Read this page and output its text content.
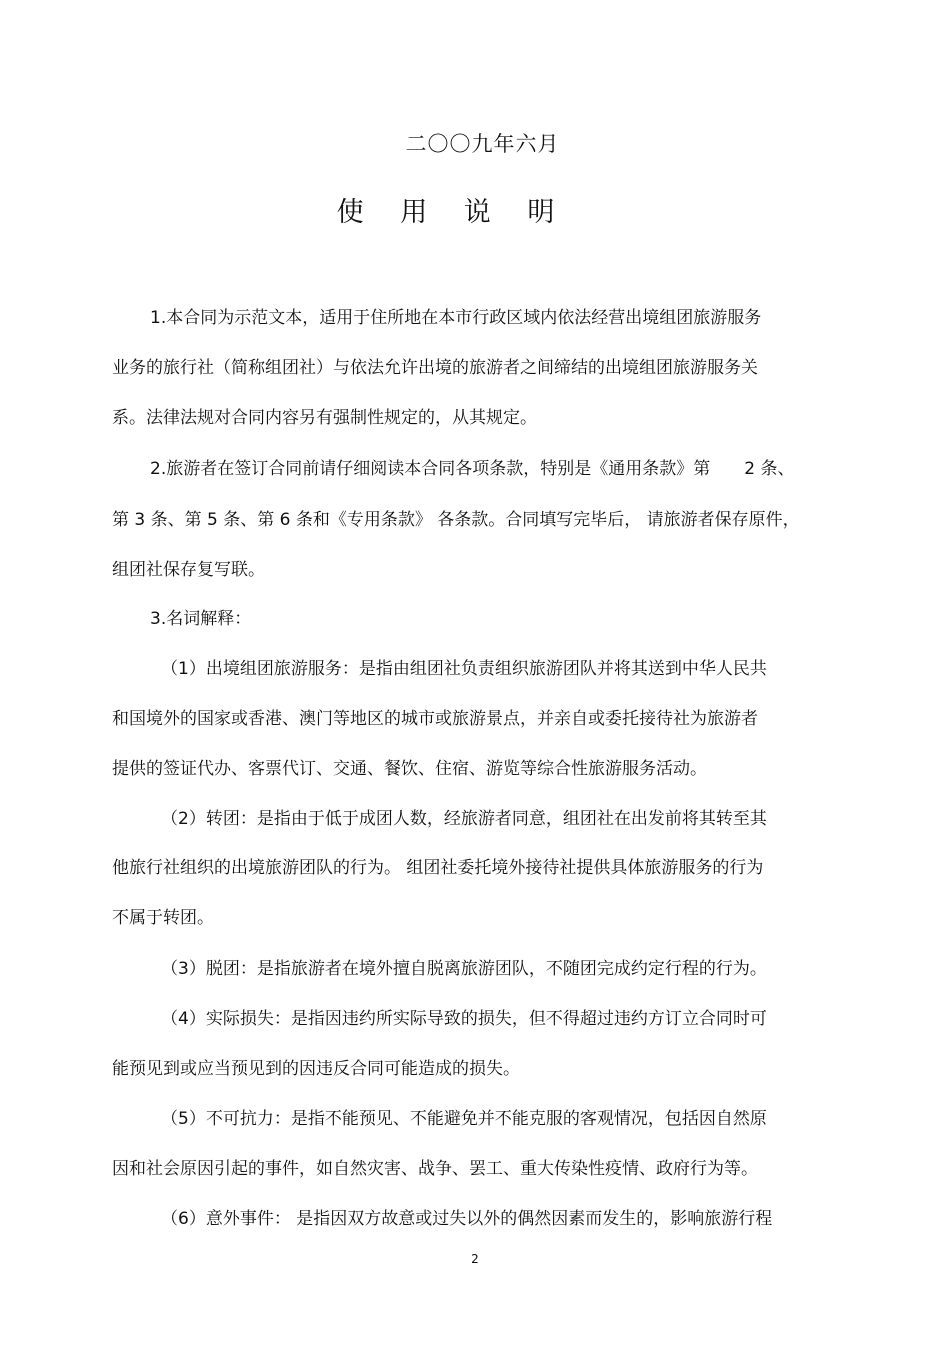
二〇〇九年六月
使 用 说 明
1.本合同为示范文本，适用于住所地在本市行政区域内依法经营出境组团旅游服务
业务的旅行社（简称组团社）与依法允许出境的旅游者之间缔结的出境组团旅游服务关
系。法律法规对合同内容另有强制性规定的，从其规定。
2.旅游者在签订合同前请仔细阅读本合同各项条款，特别是《通用条款》第　　2 条、
第 3 条、第 5 条、第 6 条和《专用条款》 各条款。合同填写完毕后， 请旅游者保存原件，
组团社保存复写联。
3.名词解释：
（1）出境组团旅游服务：是指由组团社负责组织旅游团队并将其送到中华人民共
和国境外的国家或香港、澳门等地区的城市或旅游景点，并亲自或委托接待社为旅游者
提供的签证代办、客票代订、交通、餐饮、住宿、游览等综合性旅游服务活动。
（2）转团：是指由于低于成团人数，经旅游者同意，组团社在出发前将其转至其
他旅行社组织的出境旅游团队的行为。 组团社委托境外接待社提供具体旅游服务的行为
不属于转团。
（3）脱团：是指旅游者在境外擅自脱离旅游团队，不随团完成约定行程的行为。
（4）实际损失：是指因违约所实际导致的损失，但不得超过违约方订立合同时可
能预见到或应当预见到的因违反合同可能造成的损失。
（5）不可抗力：是指不能预见、不能避免并不能克服的客观情况，包括因自然原
因和社会原因引起的事件，如自然灾害、战争、罢工、重大传染性疫情、政府行为等。
（6）意外事件： 是指因双方故意或过失以外的偶然因素而发生的，影响旅游行程
2
